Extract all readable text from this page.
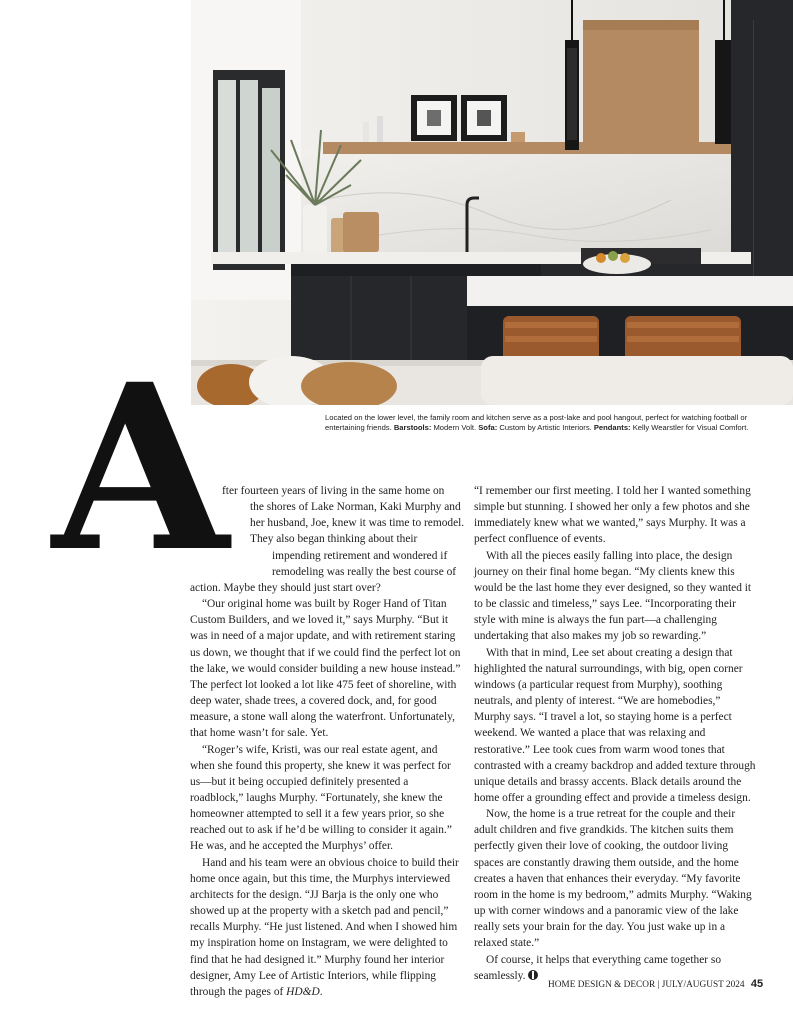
A	Located on the lower level, the family room and kitchen serve as a post-lake and pool hangout, perfect for watching football or entertaining friends. Barstools: Modern Volt. Sofa: Custom by Artistic Interiors. Pendants: Kelly Wearstler for Visual Comfort.

fter fourteen years of living in the same home on
the shores of Lake Norman, Kaki Murphy and
her husband, Joe, knew it was time to remodel.
They also began thinking about their
impending retirement and wondered if
remodeling was really the best course of
action. Maybe they should just start over?

“Our original home was built by Roger Hand of Titan Custom Builders, and we loved it,” says Murphy. “But it was in need of a major update, and with retirement staring us down, we thought that if we could find the perfect lot on the lake, we would consider building a new house instead.” The perfect lot looked a lot like 475 feet of shoreline, with deep water, shade trees, a covered dock, and, for good measure, a stone wall along the waterfront. Unfortunately, that home wasn’t for sale. Yet.

“Roger’s wife, Kristi, was our real estate agent, and when she found this property, she knew it was perfect for us—but it being occupied definitely presented a roadblock,” laughs Murphy. “Fortunately, she knew the homeowner attempted to sell it a few years prior, so she reached out to ask if he’d be willing to consider it again.” He was, and he accepted the Murphys’ offer.

Hand and his team were an obvious choice to build their home once again, but this time, the Murphys interviewed architects for the design. “JJ Barja is the only one who showed up at the property with a sketch pad and pencil,” recalls Murphy. “He just listened. And when I showed him my inspiration home on Instagram, we were delighted to find that he had designed it.” Murphy found her interior designer, Amy Lee of Artistic Interiors, while flipping through the pages of HD&D.

“I remember our first meeting. I told her I wanted something simple but stunning. I showed her only a few photos and she immediately knew what we wanted,” says Murphy. It was a perfect confluence of events.

With all the pieces easily falling into place, the design journey on their final home began. “My clients knew this would be the last home they ever designed, so they wanted it to be classic and timeless,” says Lee. “Incorporating their style with mine is always the fun part—a challenging undertaking that also makes my job so rewarding.”

With that in mind, Lee set about creating a design that highlighted the natural surroundings, with big, open corner windows (a particular request from Murphy), soothing neutrals, and plenty of interest. “We are homebodies,” Murphy says. “I travel a lot, so staying home is a perfect weekend. We wanted a place that was relaxing and restorative.” Lee took cues from warm wood tones that contrasted with a creamy backdrop and added texture through unique details and brassy accents. Black details around the home offer a grounding effect and provide a timeless design.

Now, the home is a true retreat for the couple and their adult children and five grandkids. The kitchen suits them perfectly given their love of cooking, the outdoor living spaces are constantly drawing them outside, and the home creates a haven that enhances their everyday. “My favorite room in the home is my bedroom,” admits Murphy. “Waking up with corner windows and a panoramic view of the lake really sets your brain for the day. You just wake up in a relaxed state.”

Of course, it helps that everything came together so seamlessly.

HOME DESIGN & DECOR | JULY/AUGUST 2024 45
